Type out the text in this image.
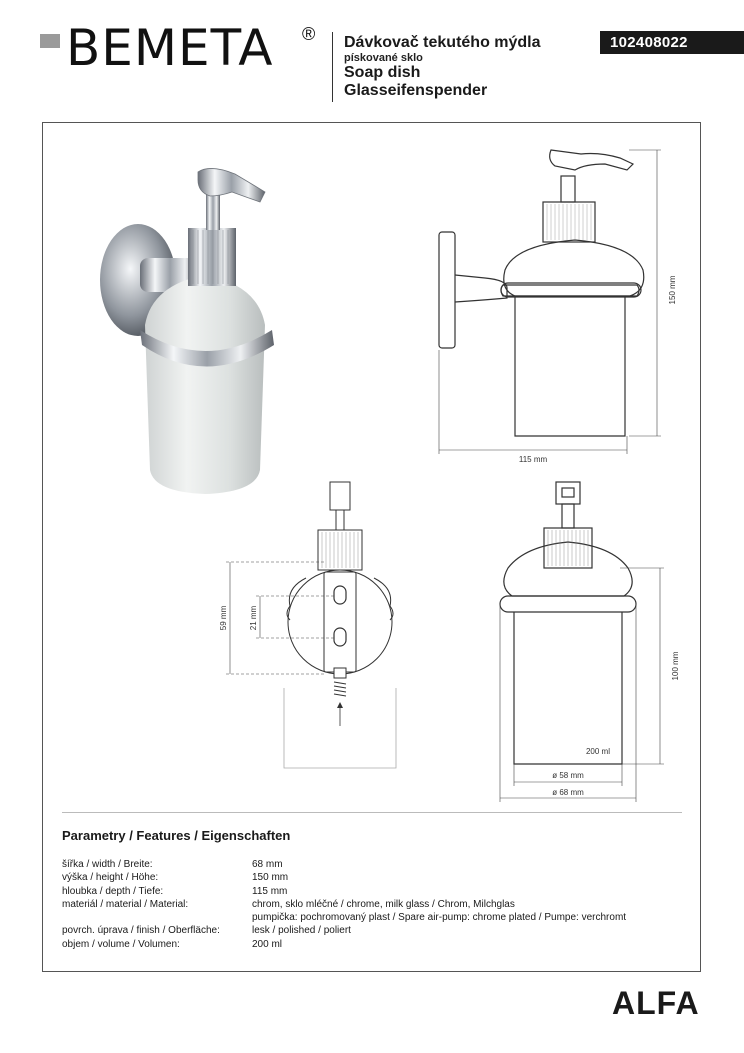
BEMETA ® Dávkovač tekutého mýdla
pískované sklo
Soap dish
Glasseifenspender
102408022
150 mm
115 mm
59 mm	21 mm
100 mm
200 ml
ø 58 mm
ø 68 mm
Parametry / Features / Eigenschaften
šířka / width / Breite:	68 mm
výška / height / Höhe:	150 mm
hloubka / depth / Tiefe:	115 mm
materiál / material / Material:	chrom, sklo mléčné / chrome, milk glass / Chrom, Milchglas
pumpička: pochromovaný plast / Spare air-pump: chrome plated / Pumpe: verchromt
povrch. úprava / finish / Oberfläche:	lesk / polished / poliert
objem / volume / Volumen:	200 ml
ALFA
